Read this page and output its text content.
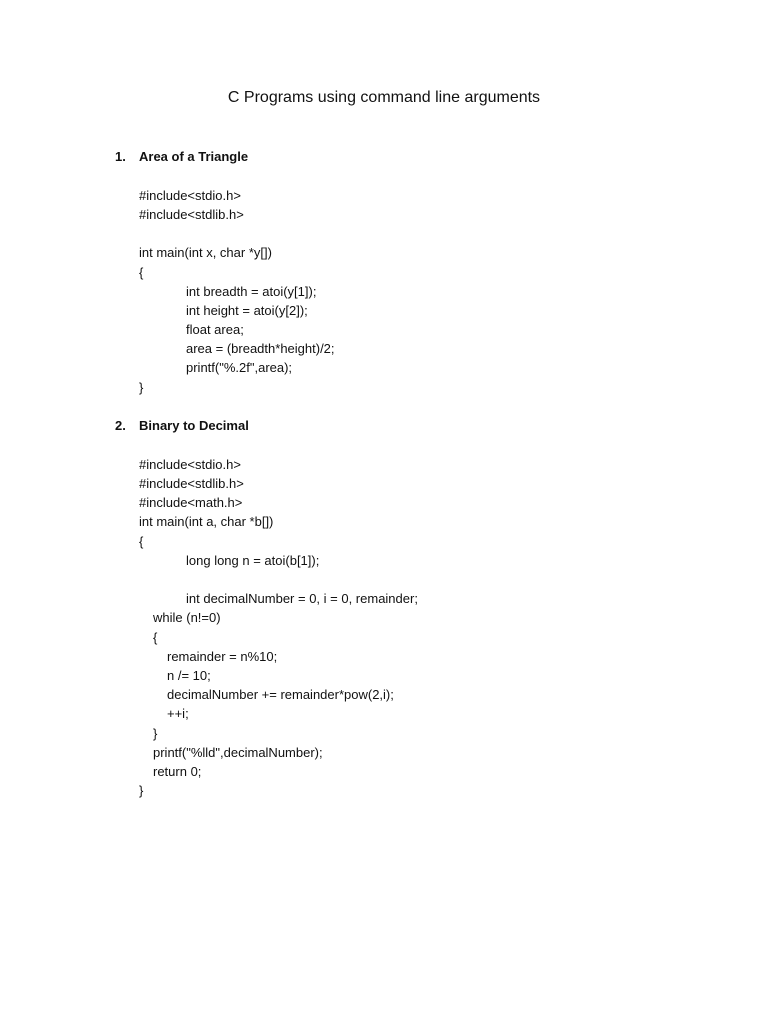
C Programs using command line arguments
1. Area of a Triangle
#include<stdio.h>
#include<stdlib.h>
int main(int x, char *y[])
{
int breadth = atoi(y[1]);
int height = atoi(y[2]);
float area;
area = (breadth*height)/2;
printf("%.2f",area);
}
2. Binary to Decimal
#include<stdio.h>
#include<stdlib.h>
#include<math.h>
int main(int a, char *b[])
{
long long n = atoi(b[1]);
int decimalNumber = 0, i = 0, remainder;
while (n!=0)
{
remainder = n%10;
n /= 10;
decimalNumber += remainder*pow(2,i);
++i;
}
printf("%lld",decimalNumber);
return 0;
}
